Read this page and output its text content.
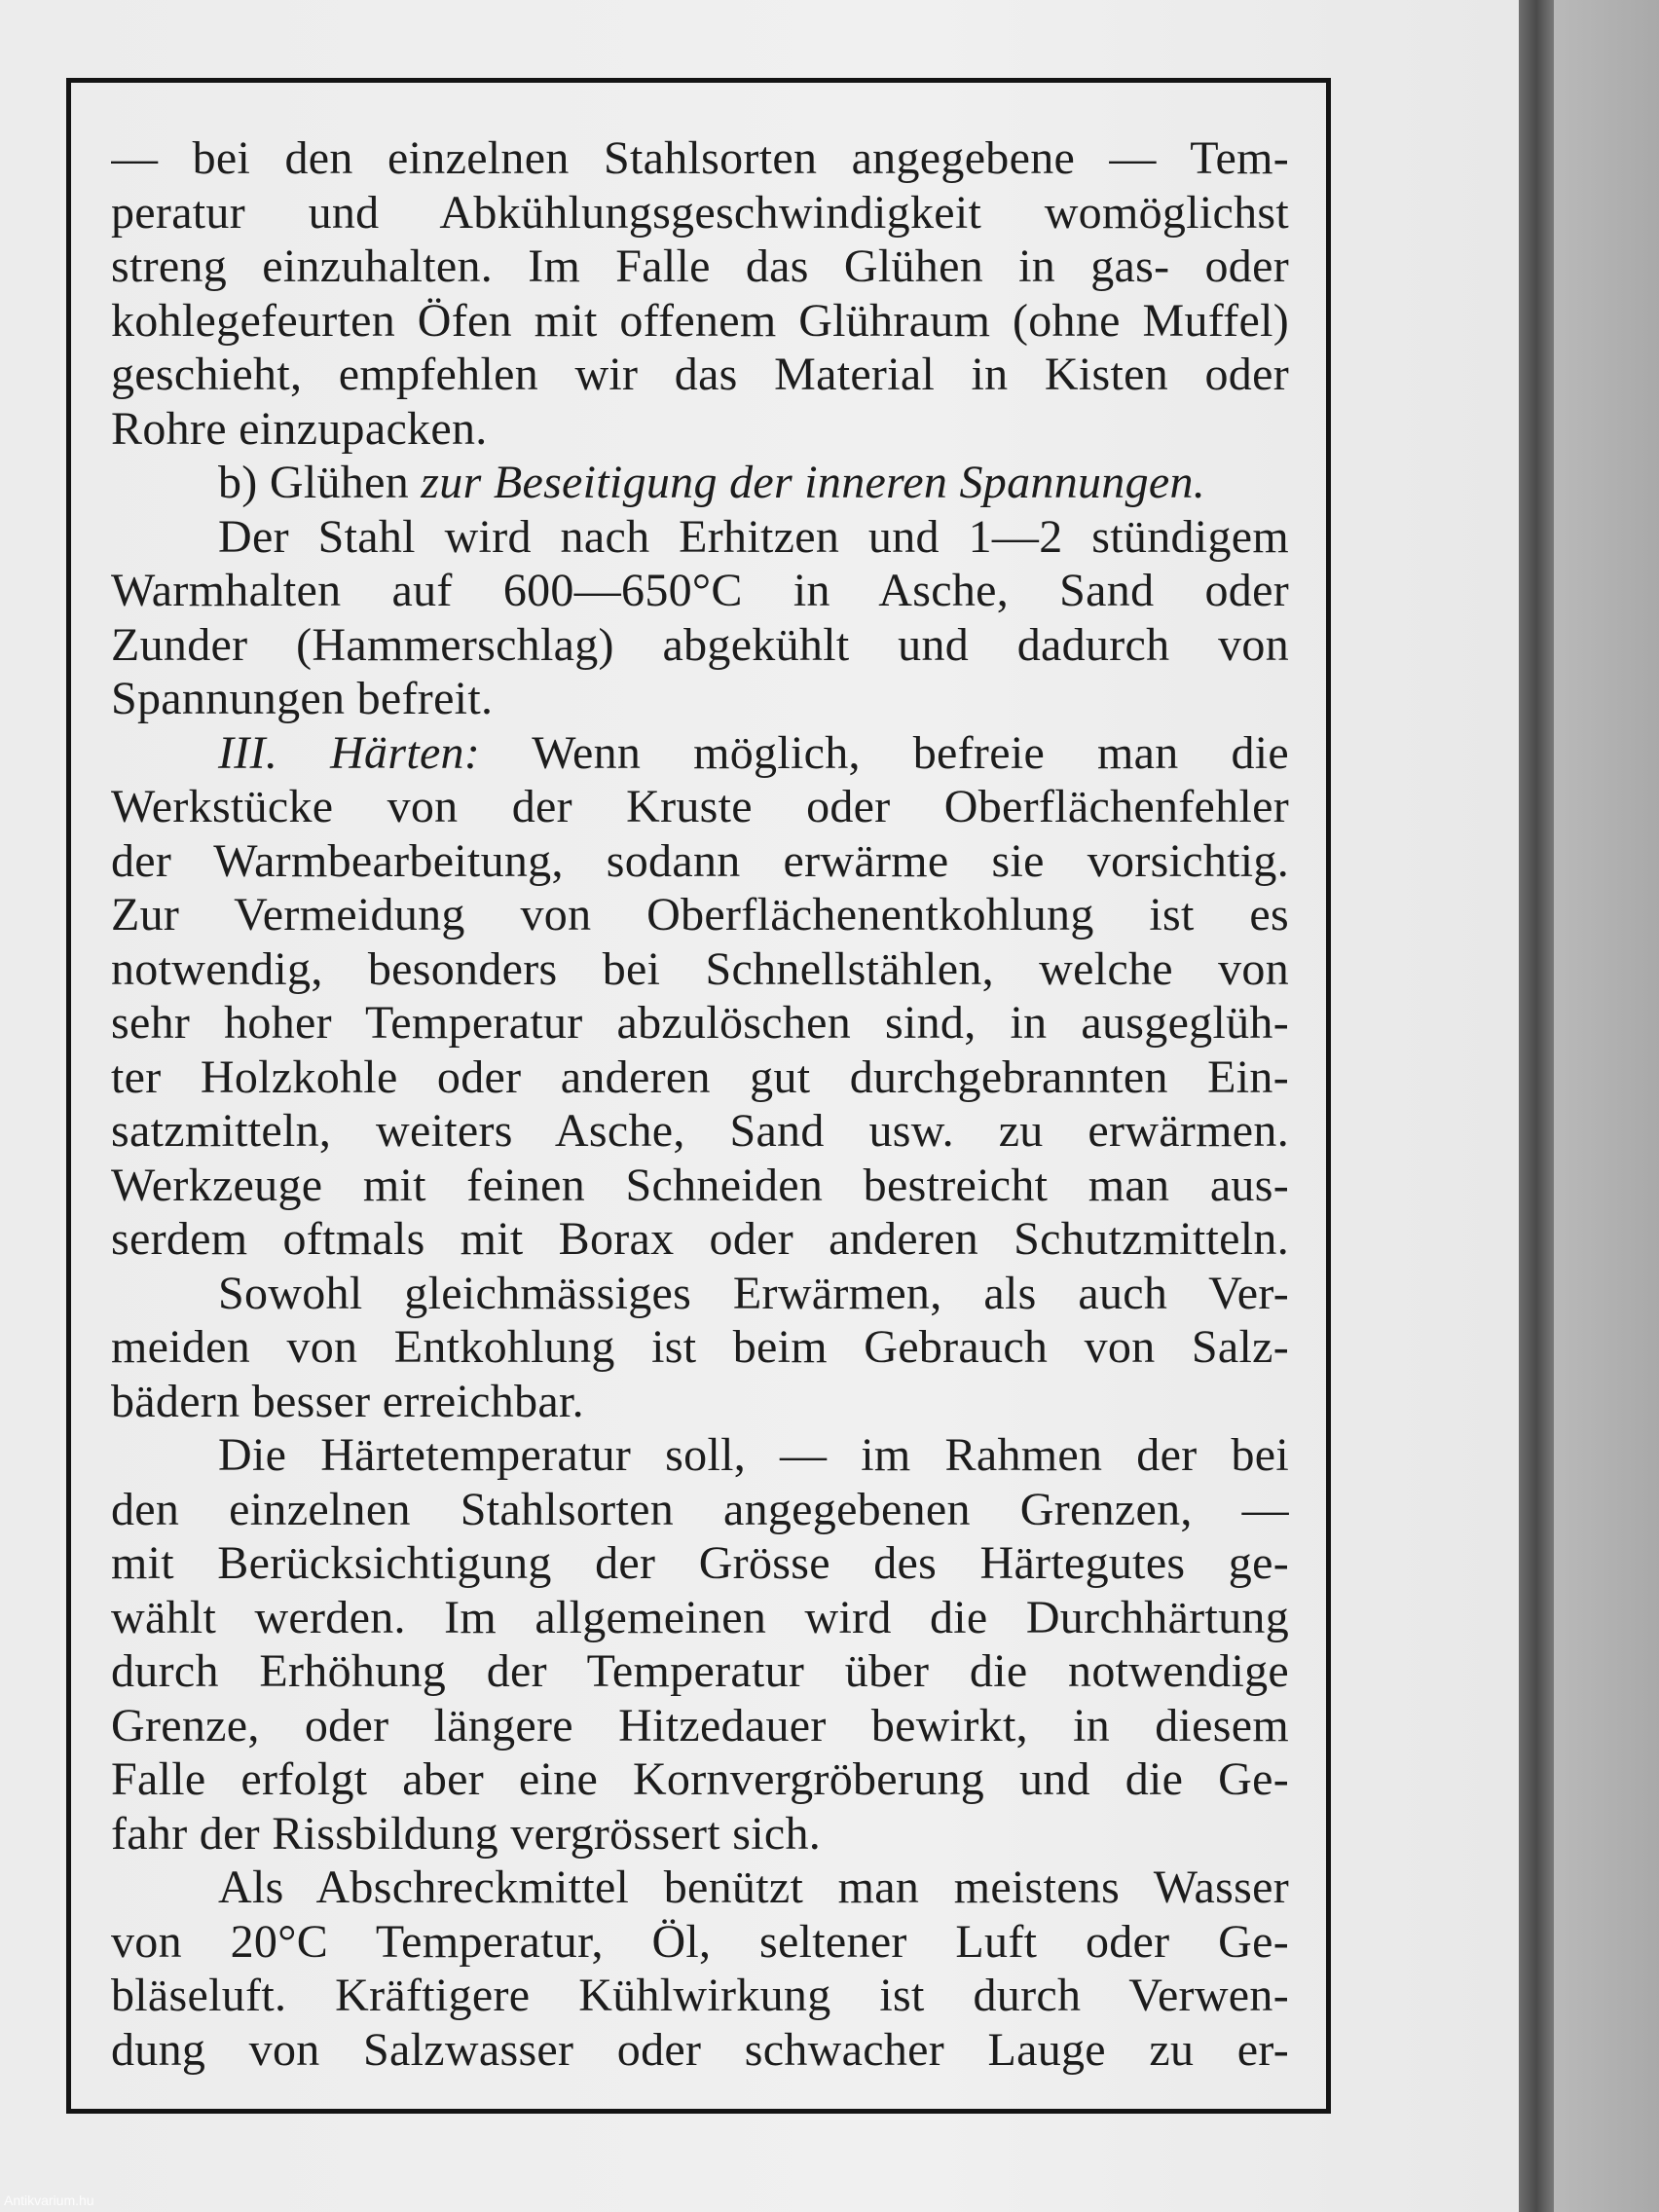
— bei den einzelnen Stahlsorten angegebene — Tem-
peratur und Abkühlungsgeschwindigkeit womöglichst
streng einzuhalten. Im Falle das Glühen in gas- oder
kohlegefeurten Öfen mit offenem Glühraum (ohne Muffel)
geschieht, empfehlen wir das Material in Kisten oder
Rohre einzupacken.
b) Glühen zur Beseitigung der inneren Spannungen.
Der Stahl wird nach Erhitzen und 1—2 stündigem
Warmhalten auf 600—650°C in Asche, Sand oder
Zunder (Hammerschlag) abgekühlt und dadurch von
Spannungen befreit.
III. Härten: Wenn möglich, befreie man die
Werkstücke von der Kruste oder Oberflächenfehler
der Warmbearbeitung, sodann erwärme sie vorsichtig.
Zur Vermeidung von Oberflächenentkohlung ist es
notwendig, besonders bei Schnellstählen, welche von
sehr hoher Temperatur abzulöschen sind, in ausgeglüh-
ter Holzkohle oder anderen gut durchgebrannten Ein-
satzmitteln, weiters Asche, Sand usw. zu erwärmen.
Werkzeuge mit feinen Schneiden bestreicht man aus-
serdem oftmals mit Borax oder anderen Schutzmitteln.
Sowohl gleichmässiges Erwärmen, als auch Ver-
meiden von Entkohlung ist beim Gebrauch von Salz-
bädern besser erreichbar.
Die Härtetemperatur soll, — im Rahmen der bei
den einzelnen Stahlsorten angegebenen Grenzen, —
mit Berücksichtigung der Grösse des Härtegutes ge-
wählt werden. Im allgemeinen wird die Durchhärtung
durch Erhöhung der Temperatur über die notwendige
Grenze, oder längere Hitzedauer bewirkt, in diesem
Falle erfolgt aber eine Kornvergröberung und die Ge-
fahr der Rissbildung vergrössert sich.
Als Abschreckmittel benützt man meistens Wasser
von 20°C Temperatur, Öl, seltener Luft oder Ge-
bläseluft. Kräftigere Kühlwirkung ist durch Verwen-
dung von Salzwasser oder schwacher Lauge zu er-
Antikvarium.hu
